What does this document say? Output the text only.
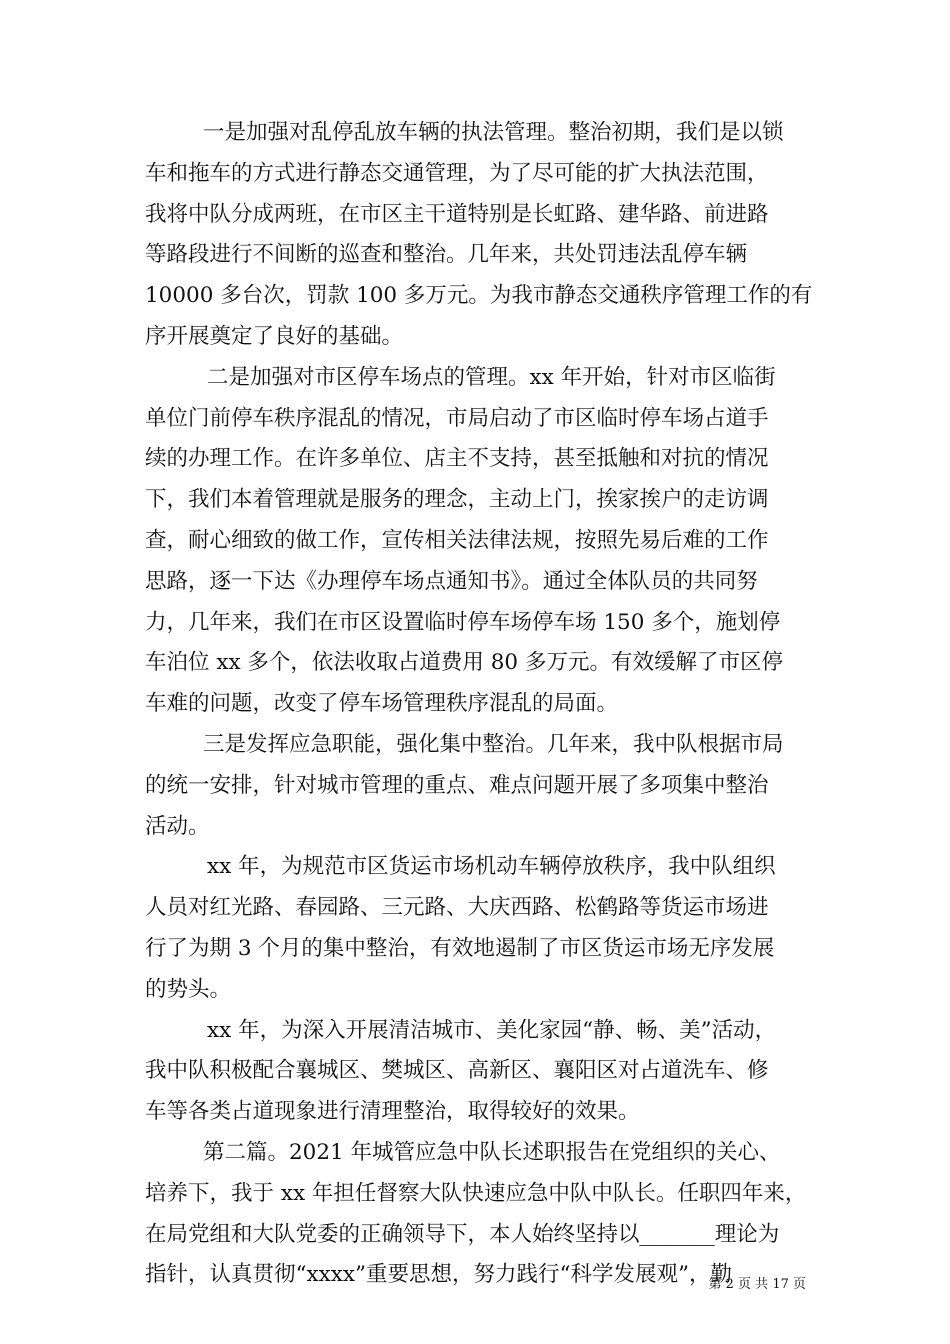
一是加强对乱停乱放车辆的执法管理。整治初期，我们是以锁
车和拖车的方式进行静态交通管理，为了尽可能的扩大执法范围，
我将中队分成两班，在市区主干道特别是长虹路、建华路、前进路
等路段进行不间断的巡查和整治。几年来，共处罚违法乱停车辆
10000 多台次，罚款 100 多万元。为我市静态交通秩序管理工作的有
序开展奠定了良好的基础。
二是加强对市区停车场点的管理。xx 年开始，针对市区临街
单位门前停车秩序混乱的情况，市局启动了市区临时停车场占道手
续的办理工作。在许多单位、店主不支持，甚至抵触和对抗的情况
下，我们本着管理就是服务的理念，主动上门，挨家挨户的走访调
查，耐心细致的做工作，宣传相关法律法规，按照先易后难的工作
思路，逐一下达《办理停车场点通知书》。通过全体队员的共同努
力，几年来，我们在市区设置临时停车场停车场 150 多个，施划停
车泊位 xx 多个，依法收取占道费用 80 多万元。有效缓解了市区停
车难的问题，改变了停车场管理秩序混乱的局面。
三是发挥应急职能，强化集中整治。几年来，我中队根据市局
的统一安排，针对城市管理的重点、难点问题开展了多项集中整治
活动。
xx 年，为规范市区货运市场机动车辆停放秩序，我中队组织
人员对红光路、春园路、三元路、大庆西路、松鹤路等货运市场进
行了为期 3 个月的集中整治，有效地遏制了市区货运市场无序发展
的势头。
xx 年，为深入开展清洁城市、美化家园“静、畅、美”活动，
我中队积极配合襄城区、樊城区、高新区、襄阳区对占道洗车、修
车等各类占道现象进行清理整治，取得较好的效果。
第二篇。2021 年城管应急中队长述职报告在党组织的关心、
培养下，我于 xx 年担任督察大队快速应急中队中队长。任职四年来，
在局党组和大队党委的正确领导下，本人始终坚持以_______理论为
指针，认真贯彻“xxxx”重要思想，努力践行“科学发展观”，勤
第 2 页 共 17 页
